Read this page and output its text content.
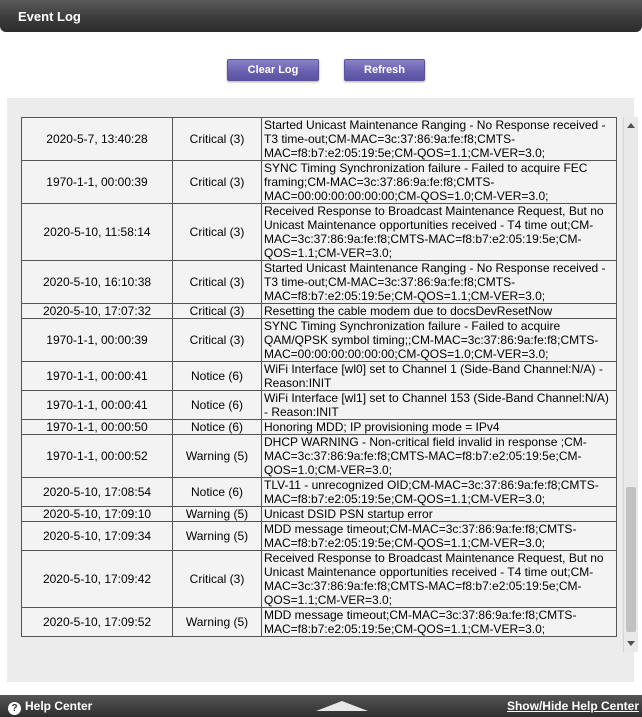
Event Log
Clear Log	Refresh
2020-5-7, 13:40:28	Critical (3)	Started Unicast Maintenance Ranging - No Response received - T3 time-out;CM-MAC=3c:37:86:9a:fe:f8;CMTS-MAC=f8:b7:e2:05:19:5e;CM-QOS=1.1;CM-VER=3.0;
1970-1-1, 00:00:39	Critical (3)	SYNC Timing Synchronization failure - Failed to acquire FEC framing;CM-MAC=3c:37:86:9a:fe:f8;CMTS-MAC=00:00:00:00:00:00;CM-QOS=1.0;CM-VER=3.0;
2020-5-10, 11:58:14	Critical (3)	Received Response to Broadcast Maintenance Request, But no Unicast Maintenance opportunities received - T4 time out;CM-MAC=3c:37:86:9a:fe:f8;CMTS-MAC=f8:b7:e2:05:19:5e;CM-QOS=1.1;CM-VER=3.0;
2020-5-10, 16:10:38	Critical (3)	Started Unicast Maintenance Ranging - No Response received - T3 time-out;CM-MAC=3c:37:86:9a:fe:f8;CMTS-MAC=f8:b7:e2:05:19:5e;CM-QOS=1.1;CM-VER=3.0;
2020-5-10, 17:07:32	Critical (3)	Resetting the cable modem due to docsDevResetNow
1970-1-1, 00:00:39	Critical (3)	SYNC Timing Synchronization failure - Failed to acquire QAM/QPSK symbol timing;;CM-MAC=3c:37:86:9a:fe:f8;CMTS-MAC=00:00:00:00:00:00;CM-QOS=1.0;CM-VER=3.0;
1970-1-1, 00:00:41	Notice (6)	WiFi Interface [wl0] set to Channel 1 (Side-Band Channel:N/A) - Reason:INIT
1970-1-1, 00:00:41	Notice (6)	WiFi Interface [wl1] set to Channel 153 (Side-Band Channel:N/A) - Reason:INIT
1970-1-1, 00:00:50	Notice (6)	Honoring MDD; IP provisioning mode = IPv4
1970-1-1, 00:00:52	Warning (5)	DHCP WARNING - Non-critical field invalid in response ;CM-MAC=3c:37:86:9a:fe:f8;CMTS-MAC=f8:b7:e2:05:19:5e;CM-QOS=1.0;CM-VER=3.0;
2020-5-10, 17:08:54	Notice (6)	TLV-11 - unrecognized OID;CM-MAC=3c:37:86:9a:fe:f8;CMTS-MAC=f8:b7:e2:05:19:5e;CM-QOS=1.1;CM-VER=3.0;
2020-5-10, 17:09:10	Warning (5)	Unicast DSID PSN startup error
2020-5-10, 17:09:34	Warning (5)	MDD message timeout;CM-MAC=3c:37:86:9a:fe:f8;CMTS-MAC=f8:b7:e2:05:19:5e;CM-QOS=1.1;CM-VER=3.0;
2020-5-10, 17:09:42	Critical (3)	Received Response to Broadcast Maintenance Request, But no Unicast Maintenance opportunities received - T4 time out;CM-MAC=3c:37:86:9a:fe:f8;CMTS-MAC=f8:b7:e2:05:19:5e;CM-QOS=1.1;CM-VER=3.0;
2020-5-10, 17:09:52	Warning (5)	MDD message timeout;CM-MAC=3c:37:86:9a:fe:f8;CMTS-MAC=f8:b7:e2:05:19:5e;CM-QOS=1.1;CM-VER=3.0;
? Help Center	Show/Hide Help Center
